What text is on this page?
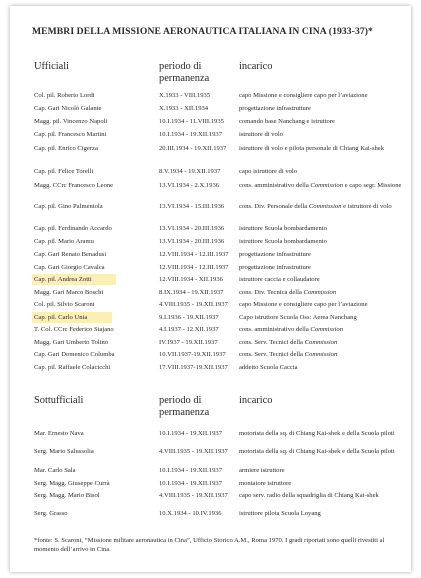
MEMBRI DELLA MISSIONE AERONAUTICA ITALIANA IN CINA (1933-37)*
Ufficiali	periodo di
permanenza
incarico
Col. pil. Roberto Lordi	X.1933 - VIII.1935	capo Missione e consigliere capo per l’aviazione
Cap. Gari Nicolò Galante	X.1933 - XII.1934	progettazione infrastrutture
Magg. pil. Vincenzo Napoli	10.I.1934 - 11.VIII.1935	comando base Nanchang e istruttore
Cap. pil. Francesco Martini	10.I.1934 - 19.XII.1937	istruttore di volo
Cap. pil. Enrico Cigerza	20.III.1934 - 19.XII.1937	istruttore di volo e pilota personale di Chiang Kai-shek
Cap. pil. Felice Torelli	8.V.1934 - 19.XII.1937	capo istruttore di volo
Magg. CCrc Francesco Leone	13.VI.1934 - 2.X.1936	cons. amministrativo della Commission e capo segr. Missione
Cap. pil. Gino Palmentola	13.VI.1934 - 15.III.1936	cons. Div. Personale della Commission e istruttore di volo
Cap. pil. Ferdinando Accardo	13.VI.1934 - 20.III.1936	istruttore Scuola bombardamento
Cap. pil. Mario Aramu	13.VI.1934 - 20.III.1936	istruttore Scuola bombardamento
Cap. Gari Renato Benadusi	12.VIII.1934 - 12.III.1937	progettazione infrastrutture
Cap. Gari Giorgio Cavalca	12.VIII.1934 - 12.III.1937	progettazione infrastrutture
Cap. pil. Andrea Zotti	12.VIII.1934 - XII.1936	istruttore caccia e collaudatore
Magg. Gari Marco Boschi	8.IX.1934 - 19.XII.1937	cons. Div. Tecnica della Commission
Col. pil. Silvio Scaroni	4.VIII.1935 - 19.XII.1937	capo Missione e consigliere capo per l’aviazione
Cap. pil. Carlo Unia	9.I.1936 - 19.XII.1937	Capo istruttore Scuola Oss: Aerea Nanchang
T. Col. CCrc Federico Stajano	4.I.1937 - 12.XII.1937	cons. amministrativo della Commission
Magg. Gari Umberto Tolino	IV.1937 - 19.XII.1937	cons. Serv. Tecnici della Commission
Cap. Gari Domenico Columba	10.VII.1937-19.XII.1937	cons. Serv. Tecnici della Commission
Cap. pil. Raffaele Colacicchi	17.VIII.1937-19.XII.1937	addetto Scuola Caccia
Sottufficiali	periodo di
permanenza
incarico
Mar. Ernesto Nava	10.I.1934 - 19.XII.1937	motorista della sq. di Chiang Kai-shek e della Scuola piloti
Serg. Mario Salussolia	4.VIII.1935 - 19.XII.1937	motorista della sq. di Chiang Kai-shek e della Scuola piloti
Mar. Carlo Sala	10.I.1934 - 19.XII.1937	armiere istruttore
Serg. Magg. Giuseppe Currà	10.I.1934 - 19.XII.1937	montatore istruttore
Serg. Magg. Mario Bisol	4.VIII.1935 - 19.XII.1937	capo serv. radio della squadriglia di Chiang Kai-shek
Serg. Grasso	10.X.1934 - 10.IV.1936	istruttore pilota Scuola Loyang
*fonte: S. Scaroni, “Missione militare aeronautica in Cina”, Ufficio Storico A.M., Roma 1970. I gradi riportati sono quelli rivestiti al momento dell’arrivo in Cina.
